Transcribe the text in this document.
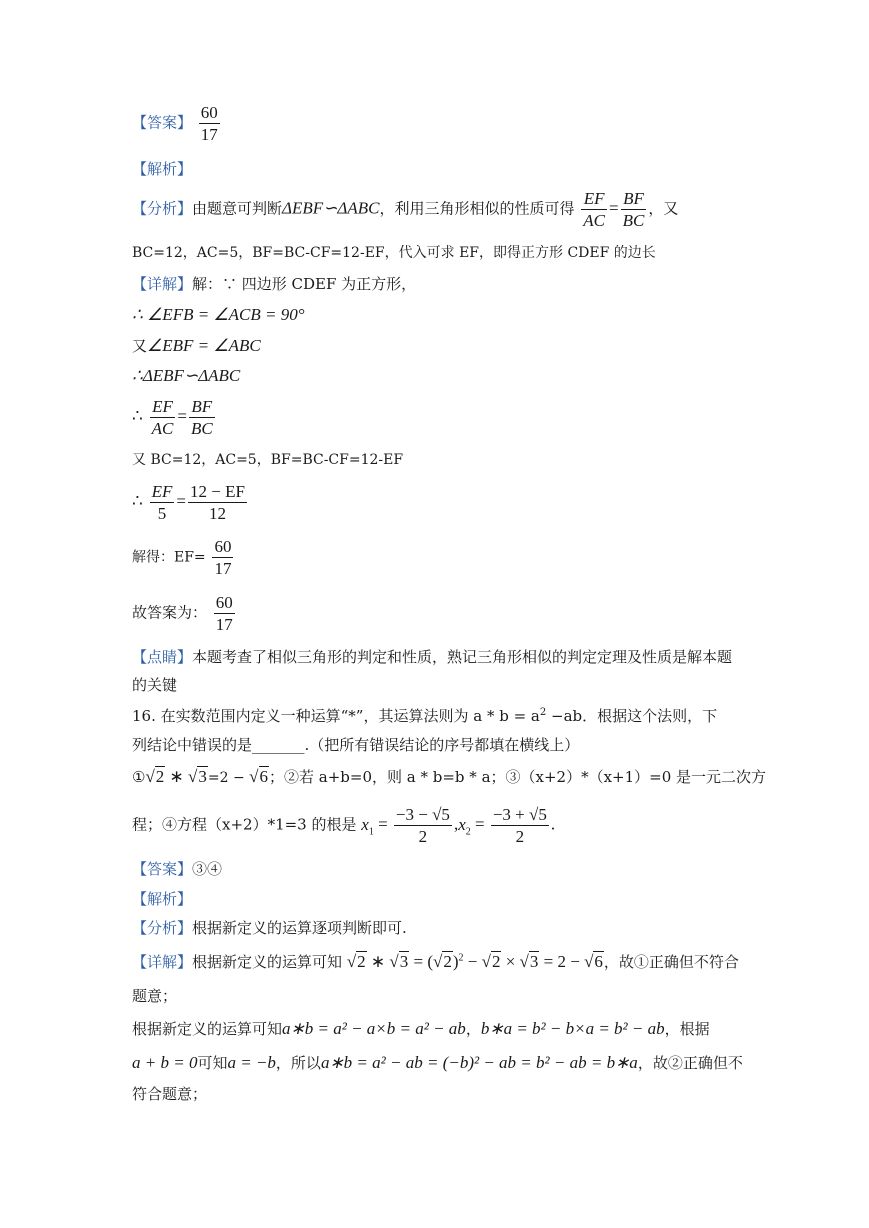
【答案】 $\frac{60}{17}$
【解析】
【分析】由题意可判断ΔEBF∽ΔABC，利用三角形相似的性质可得 $\frac{EF}{AC} = \frac{BF}{BC}$ ，又
BC=12，AC=5，BF=BC-CF=12-EF，代入可求 EF，即得正方形 CDEF 的边长
【详解】解：∵ 四边形 CDEF 为正方形，
∴ ∠EFB = ∠ACB = 90°
又∠EBF = ∠ABC
∴ΔEBF∽ΔABC
∴ $\frac{EF}{AC} = \frac{BF}{BC}$
又 BC=12，AC=5，BF=BC-CF=12-EF
∴ $\frac{EF}{5} = \frac{12 - EF}{12}$
解得：$EF= \frac{60}{17}$
故答案为： $\frac{60}{17}$
【点睛】本题考查了相似三角形的判定和性质，熟记三角形相似的判定定理及性质是解本题
的关键
16. 在实数范围内定义一种运算“*”，其运算法则为 $a * b = a^2 -ab$．根据这个法则，下
列结论中错误的是_______.（把所有错误结论的序号都填在横线上）
①√2 ∗ √3=2 − √6；②若 a+b=0，则 a * b=b * a；③（x+2）*（x+1）=0 是一元二次方
程；④方程（x+2）*1=3 的根是 $x_1 = \frac{-3 - √5}{2} ,x_2 = \frac{-3 + √5}{2}$ .
【答案】③④
【解析】
【分析】根据新定义的运算逐项判断即可.
【详解】根据新定义的运算可知 √2 ∗ $√3 = (√2)^2 - √2 \times √3 = 2 - √6$，故①正确但不符合
题意；
根据新定义的运算可知a∗b = a² − a×b = a² − ab，b∗a = b² − b×a = b² − ab，根据
a + b = 0可知a = −b，所以a∗b = a² − ab = (−b)² − ab = b² − ab = b∗a，故②正确但不
符合题意；
